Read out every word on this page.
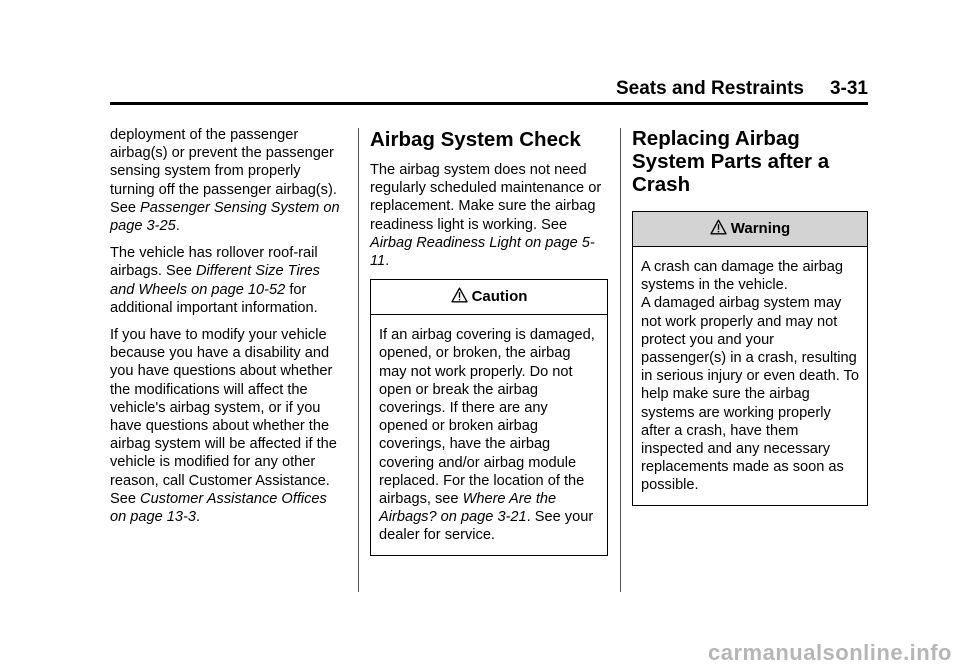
Seats and Restraints 3-31

deployment of the passenger airbag(s) or prevent the passenger sensing system from properly turning off the passenger airbag(s). See Passenger Sensing System on page 3-25.

The vehicle has rollover roof-rail airbags. See Different Size Tires and Wheels on page 10-52 for additional important information.

If you have to modify your vehicle because you have a disability and you have questions about whether the modifications will affect the vehicle's airbag system, or if you have questions about whether the airbag system will be affected if the vehicle is modified for any other reason, call Customer Assistance. See Customer Assistance Offices on page 13-3.

Airbag System Check

The airbag system does not need regularly scheduled maintenance or replacement. Make sure the airbag readiness light is working. See Airbag Readiness Light on page 5-11.

Caution
If an airbag covering is damaged, opened, or broken, the airbag may not work properly. Do not open or break the airbag coverings. If there are any opened or broken airbag coverings, have the airbag covering and/or airbag module replaced. For the location of the airbags, see Where Are the Airbags? on page 3-21. See your dealer for service.
Replacing Airbag System Parts after a Crash
Warning
A crash can damage the airbag systems in the vehicle.
A damaged airbag system may not work properly and may not protect you and your passenger(s) in a crash, resulting in serious injury or even death. To help make sure the airbag systems are working properly after a crash, have them inspected and any necessary replacements made as soon as possible.
carmanualsonline.info
